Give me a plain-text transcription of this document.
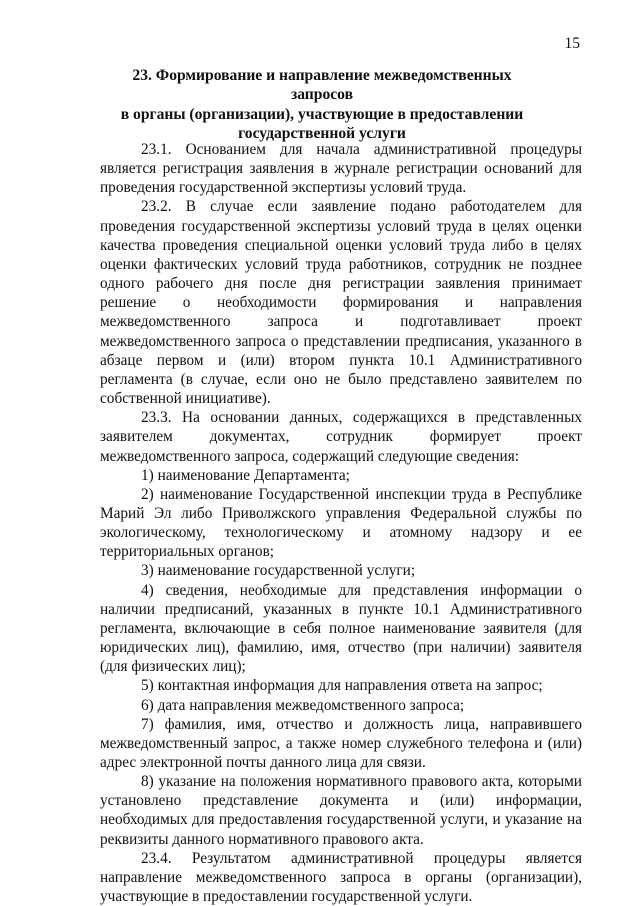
15
23. Формирование и направление межведомственных запросов
в органы (организации), участвующие в предоставлении
государственной услуги

23.1. Основанием для начала административной процедуры является регистрация заявления в журнале регистрации оснований для проведения государственной экспертизы условий труда.

23.2. В случае если заявление подано работодателем для проведения государственной экспертизы условий труда в целях оценки качества проведения специальной оценки условий труда либо в целях оценки фактических условий труда работников, сотрудник не позднее одного рабочего дня после дня регистрации заявления принимает решение о необходимости формирования и направления межведомственного запроса и подготавливает проект межведомственного запроса о представлении предписания, указанного в абзаце первом и (или) втором пункта 10.1 Административного регламента (в случае, если оно не было представлено заявителем по собственной инициативе).

23.3. На основании данных, содержащихся в представленных заявителем документах, сотрудник формирует проект межведомственного запроса, содержащий следующие сведения:

1) наименование Департамента;

2) наименование Государственной инспекции труда в Республике Марий Эл либо Приволжского управления Федеральной службы по экологическому, технологическому и атомному надзору и ее территориальных органов;

3) наименование государственной услуги;

4) сведения, необходимые для представления информации о наличии предписаний, указанных в пункте 10.1 Административного регламента, включающие в себя полное наименование заявителя (для юридических лиц), фамилию, имя, отчество (при наличии) заявителя (для физических лиц);

5) контактная информация для направления ответа на запрос;

6) дата направления межведомственного запроса;

7) фамилия, имя, отчество и должность лица, направившего межведомственный запрос, а также номер служебного телефона и (или) адрес электронной почты данного лица для связи.

8) указание на положения нормативного правового акта, которыми установлено представление документа и (или) информации, необходимых для предоставления государственной услуги, и указание на реквизиты данного нормативного правового акта.

23.4. Результатом административной процедуры является направление межведомственного запроса в органы (организации), участвующие в предоставлении государственной услуги.
